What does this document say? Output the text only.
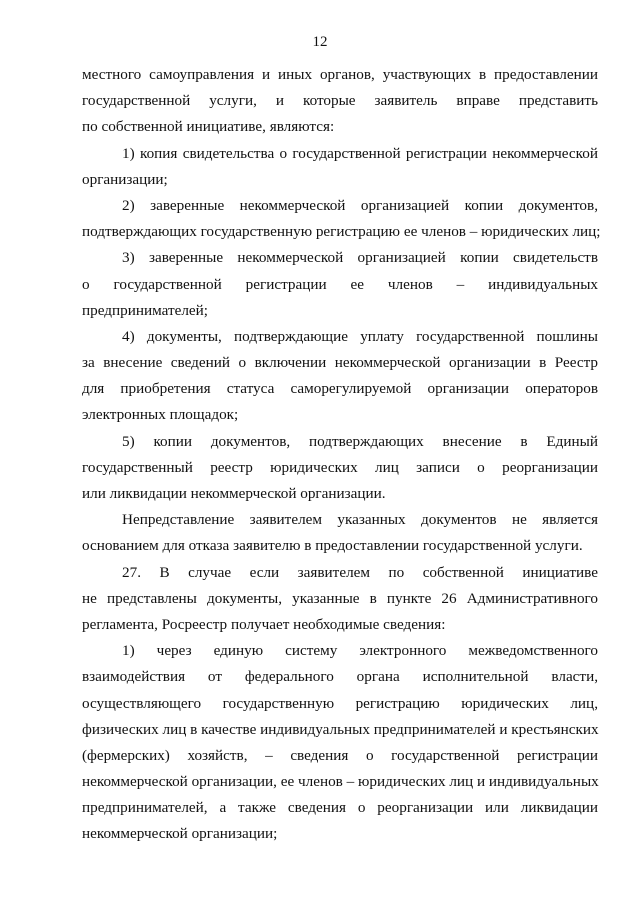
12
местного самоуправления и иных органов, участвующих в предоставлении
государственной услуги, и которые заявитель вправе представить
по собственной инициативе, являются:
1) копия свидетельства о государственной регистрации некоммерческой
организации;
2) заверенные некоммерческой организацией копии документов,
подтверждающих государственную регистрацию ее членов – юридических лиц;
3) заверенные некоммерческой организацией копии свидетельств
о государственной регистрации ее членов – индивидуальных
предпринимателей;
4) документы, подтверждающие уплату государственной пошлины
за внесение сведений о включении некоммерческой организации в Реестр
для приобретения статуса саморегулируемой организации операторов
электронных площадок;
5) копии документов, подтверждающих внесение в Единый
государственный реестр юридических лиц записи о реорганизации
или ликвидации некоммерческой организации.
Непредставление заявителем указанных документов не является
основанием для отказа заявителю в предоставлении государственной услуги.
27. В случае если заявителем по собственной инициативе
не представлены документы, указанные в пункте 26 Административного
регламента, Росреестр получает необходимые сведения:
1) через единую систему электронного межведомственного
взаимодействия от федерального органа исполнительной власти,
осуществляющего государственную регистрацию юридических лиц,
физических лиц в качестве индивидуальных предпринимателей и крестьянских
(фермерских) хозяйств, – сведения о государственной регистрации
некоммерческой организации, ее членов – юридических лиц и индивидуальных
предпринимателей, а также сведения о реорганизации или ликвидации
некоммерческой организации;
